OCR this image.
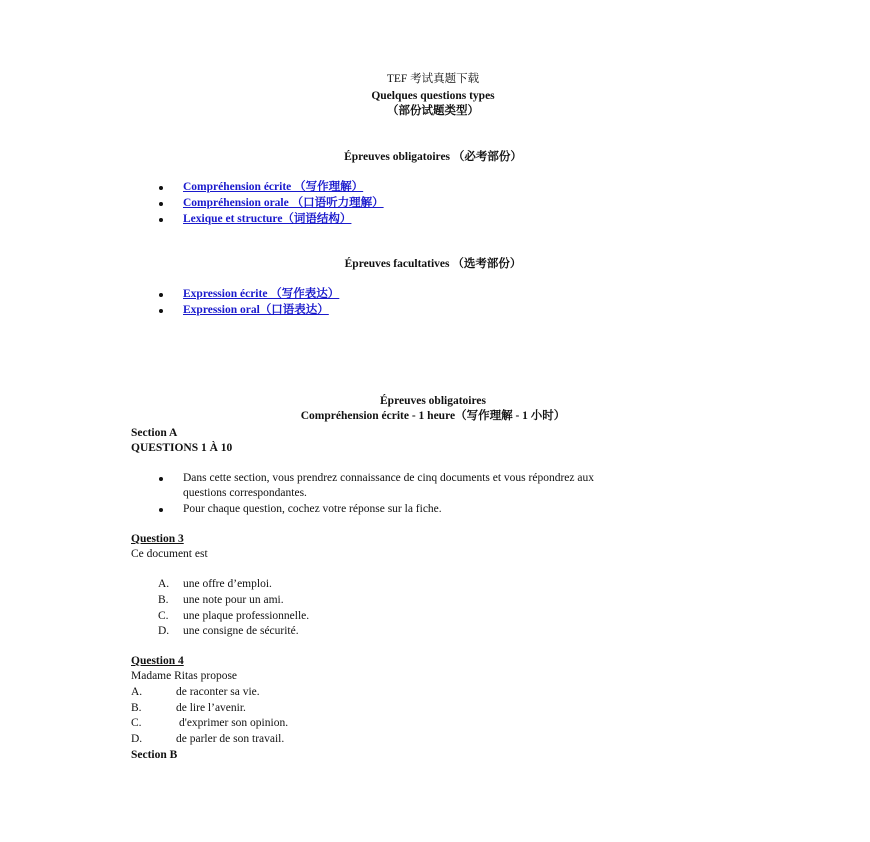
TEF 考试真题下载
Quelques questions types
（部份试题类型）
Épreuves obligatoires （必考部份）
Compréhension écrite （写作理解）
Compréhension orale （口语听力理解）
Lexique et structure（词语结构）
Épreuves facultatives （选考部份）
Expression écrite （写作表达）
Expression oral（口语表达）
Épreuves obligatoires
Compréhension écrite - 1 heure（写作理解 - 1 小时）
Section A
QUESTIONS 1 À 10
Dans cette section, vous prendrez connaissance de cinq documents et vous répondrez aux
questions correspondantes.
Pour chaque question, cochez votre réponse sur la fiche.
Question 3
Ce document est
A. une offre d’emploi.
B. une note pour un ami.
C. une plaque professionnelle.
D. une consigne de sécurité.
Question 4
Madame Ritas propose
A.	de raconter sa vie.
B.	de lire l’avenir.
C.	d'exprimer son opinion.
D.	de parler de son travail.
Section B
